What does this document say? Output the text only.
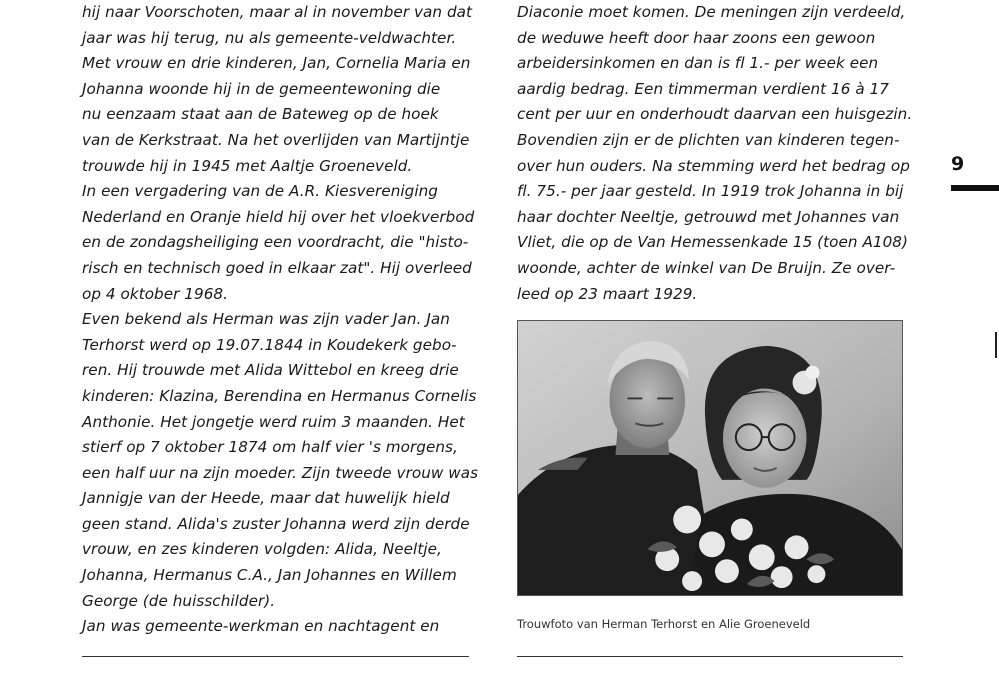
hij naar Voorschoten, maar al in november van dat
jaar was hij terug, nu als gemeente-veldwachter.
Met vrouw en drie kinderen, Jan, Cornelia Maria en
Johanna woonde hij in de gemeentewoning die
nu eenzaam staat aan de Bateweg op de hoek
van de Kerkstraat. Na het overlijden van Martijntje
trouwde hij in 1945 met Aaltje Groeneveld.
In een vergadering van de A.R. Kiesvereniging
Nederland en Oranje hield hij over het vloekverbod
en de zondagsheiliging een voordracht, die "histo-
risch en technisch goed in elkaar zat". Hij overleed
op 4 oktober 1968.
Even bekend als Herman was zijn vader Jan. Jan
Terhorst werd op 19.07.1844 in Koudekerk gebo-
ren. Hij trouwde met Alida Wittebol en kreeg drie
kinderen: Klazina, Berendina en Hermanus Cornelis
Anthonie. Het jongetje werd ruim 3 maanden. Het
stierf op 7 oktober 1874 om half vier 's morgens,
een half uur na zijn moeder. Zijn tweede vrouw was
Jannigje van der Heede, maar dat huwelijk hield
geen stand. Alida's zuster Johanna werd zijn derde
vrouw, en zes kinderen volgden: Alida, Neeltje,
Johanna, Hermanus C.A., Jan Johannes en Willem
George (de huisschilder).
Jan was gemeente-werkman en nachtagent en
Diaconie moet komen. De meningen zijn verdeeld,
de weduwe heeft door haar zoons een gewoon
arbeidersinkomen en dan is fl 1.- per week een
aardig bedrag. Een timmerman verdient 16 à 17
cent per uur en onderhoudt daarvan een huisgezin.
Bovendien zijn er de plichten van kinderen tegen-
over hun ouders. Na stemming werd het bedrag op
fl. 75.- per jaar gesteld. In 1919 trok Johanna in bij
haar dochter Neeltje, getrouwd met Johannes van
Vliet, die op de Van Hemessenkade 15 (toen A108)
woonde, achter de winkel van De Bruijn. Ze over-
leed op 23 maart 1929.
9
Trouwfoto van Herman Terhorst en Alie Groeneveld
